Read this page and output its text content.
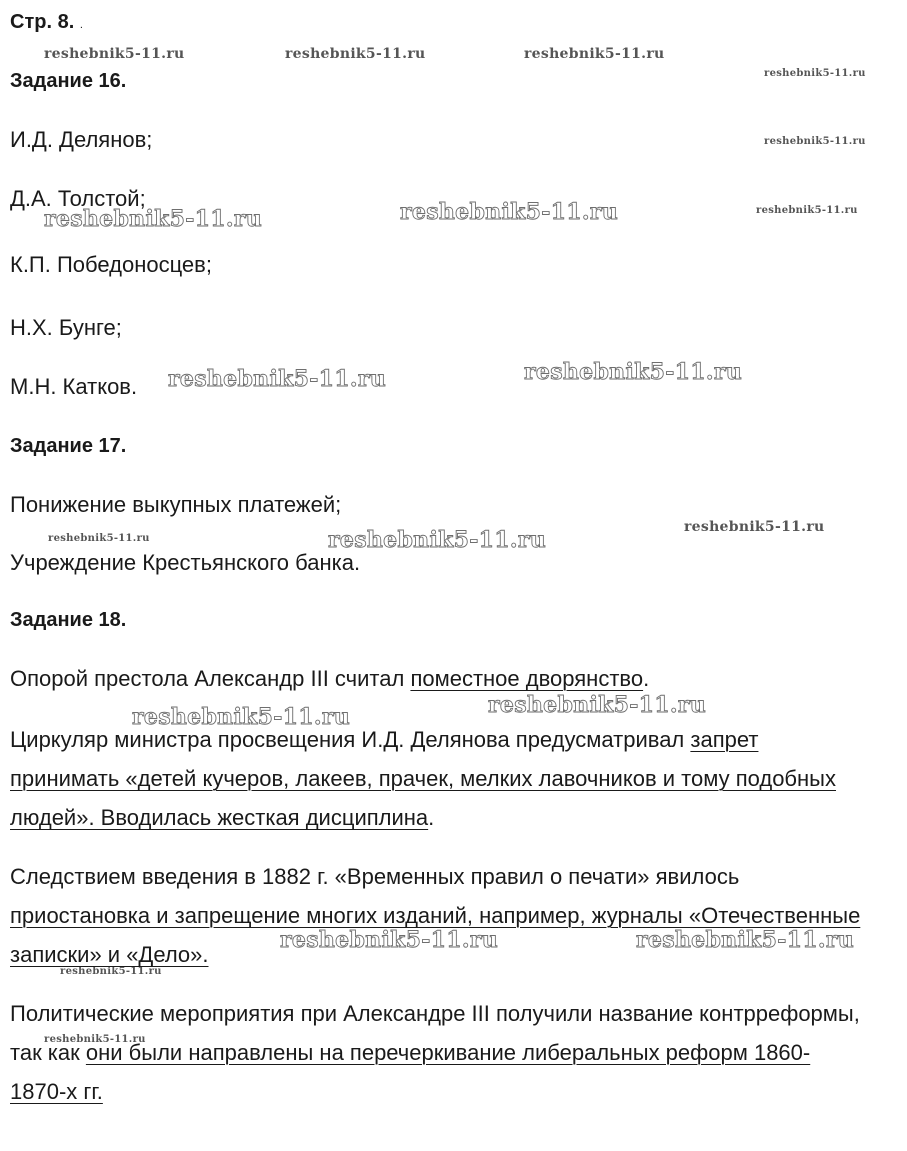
reshebnik5-11.ru	reshebnik5-11.ru	reshebnik5-11.ru
reshebnik5-11.ru
reshebnik5-11.ru
reshebnik5-11.ru	reshebnik5-11.ru	reshebnik5-11.ru
reshebnik5-11.ru	reshebnik5-11.ru
reshebnik5-11.ru	reshebnik5-11.ru	reshebnik5-11.ru
reshebnik5-11.ru	reshebnik5-11.ru
reshebnik5-11.ru	reshebnik5-11.ru
reshebnik5-11.ru
reshebnik5-11.ru
Стр. 8. .
Задание 16.
И.Д. Делянов;
Д.А. Толстой;
К.П. Победоносцев;
Н.Х. Бунге;
М.Н. Катков.
Задание 17.
Понижение выкупных платежей;
Учреждение Крестьянского банка.
Задание 18.
Опорой престола Александр III считал поместное дворянство.
Циркуляр министра просвещения И.Д. Делянова предусматривал запрет
принимать «детей кучеров, лакеев, прачек, мелких лавочников и тому подобных
людей». Вводилась жесткая дисциплина.
Следствием введения в 1882 г. «Временных правил о печати» явилось
приостановка и запрещение многих изданий, например, журналы «Отечественные
записки» и «Дело».
Политические мероприятия при Александре III получили название контрреформы,
так как они были направлены на перечеркивание либеральных реформ 1860-
1870-х гг.
